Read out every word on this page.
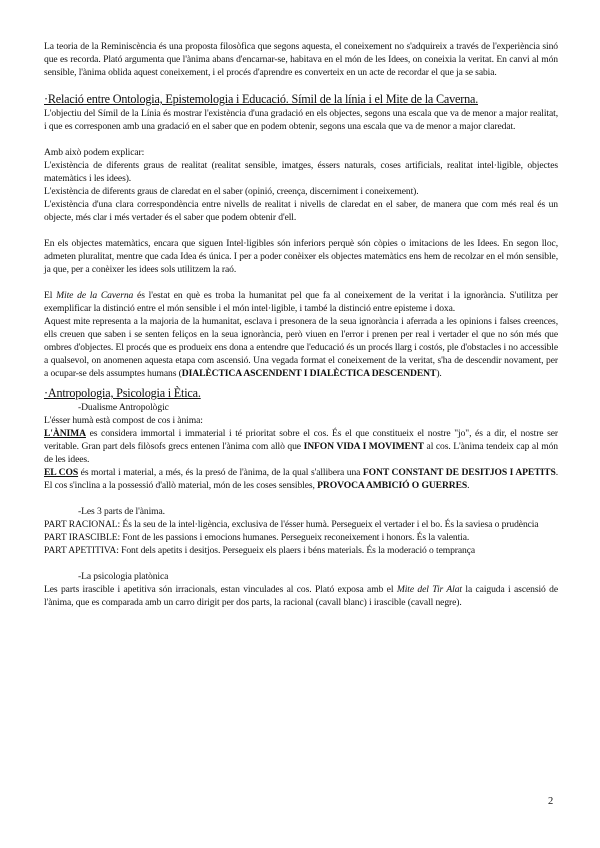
La teoria de la Reminiscència és una proposta filosòfica que segons aquesta, el coneixement no s'adquireix a través de l'experiència sinó que es recorda. Plató argumenta que l'ànima abans d'encarnar-se, habitava en el món de les Idees, on coneixia la veritat. En canvi al món sensible, l'ànima oblida aquest coneixement, i el procés d'aprendre es converteix en un acte de recordar el que ja se sabia.

·Relació entre Ontologia, Epistemologia i Educació. Símil de la línia i el Mite de la Caverna.

L'objectiu del Símil de la Línia és mostrar l'existència d'una gradació en els objectes, segons una escala que va de menor a major realitat, i que es corresponen amb una gradació en el saber que en podem obtenir, segons una escala que va de menor a major claredat.

Amb això podem explicar:

L'existència de diferents graus de realitat (realitat sensible, imatges, éssers naturals, coses artificials, realitat intel·ligible, objectes matemàtics i les idees).

L'existència de diferents graus de claredat en el saber (opinió, creença, discerniment i coneixement).

L'existència d'una clara correspondència entre nivells de realitat i nivells de claredat en el saber, de manera que com més real és un objecte, més clar i més vertader és el saber que podem obtenir d'ell.

En els objectes matemàtics, encara que siguen Intel·ligibles són inferiors perquè són còpies o imitacions de les Idees. En segon lloc, admeten pluralitat, mentre que cada Idea és única. I per a poder conèixer els objectes matemàtics ens hem de recolzar en el món sensible, ja que, per a conèixer les idees sols utilitzem la raó.

El Mite de la Caverna és l'estat en què es troba la humanitat pel que fa al coneixement de la veritat i la ignorància. S'utilitza per exemplificar la distinció entre el món sensible i el món intel·ligible, i també la distinció entre episteme i doxa.

Aquest mite representa a la majoria de la humanitat, esclava i presonera de la seua ignorància i aferrada a les opinions i falses creences, ells creuen que saben i se senten feliços en la seua ignorància, però viuen en l'error i prenen per real i vertader el que no són més que ombres d'objectes. El procés que es produeix ens dona a entendre que l'educació és un procés llarg i costós, ple d'obstacles i no accessible a qualsevol, on anomenen aquesta etapa com ascensió. Una vegada format el coneixement de la veritat, s'ha de descendir novament, per a ocupar-se dels assumptes humans (DIALÈCTICA ASCENDENT I DIALÈCTICA DESCENDENT).

·Antropologia, Psicologia i Ètica.

-Dualisme Antropològic

L'ésser humà està compost de cos i ànima:

L'ÀNIMA es considera immortal i immaterial i té prioritat sobre el cos. És el que constitueix el nostre "jo", és a dir, el nostre ser veritable. Gran part dels filòsofs grecs entenen l'ànima com allò que INFON VIDA I MOVIMENT al cos. L'ànima tendeix cap al món de les idees.

EL COS és mortal i material, a més, és la presó de l'ànima, de la qual s'allibera una FONT CONSTANT DE DESITJOS I APETITS. El cos s'inclina a la possessió d'allò material, món de les coses sensibles, PROVOCA AMBICIÓ O GUERRES.

-Les 3 parts de l'ànima.

PART RACIONAL: És la seu de la intel·ligència, exclusiva de l'ésser humà. Persegueix el vertader i el bo. És la saviesa o prudència

PART IRASCIBLE: Font de les passions i emocions humanes. Persegueix reconeixement i honors. És la valentia.

PART APETITIVA: Font dels apetits i desitjos. Persegueix els plaers i béns materials. És la moderació o temprança

-La psicologia platònica

Les parts irascible i apetitiva són irracionals, estan vinculades al cos. Plató exposa amb el Mite del Tir Alat la caiguda i ascensió de l'ànima, que es comparada amb un carro dirigit per dos parts, la racional (cavall blanc) i irascible (cavall negre).

2
